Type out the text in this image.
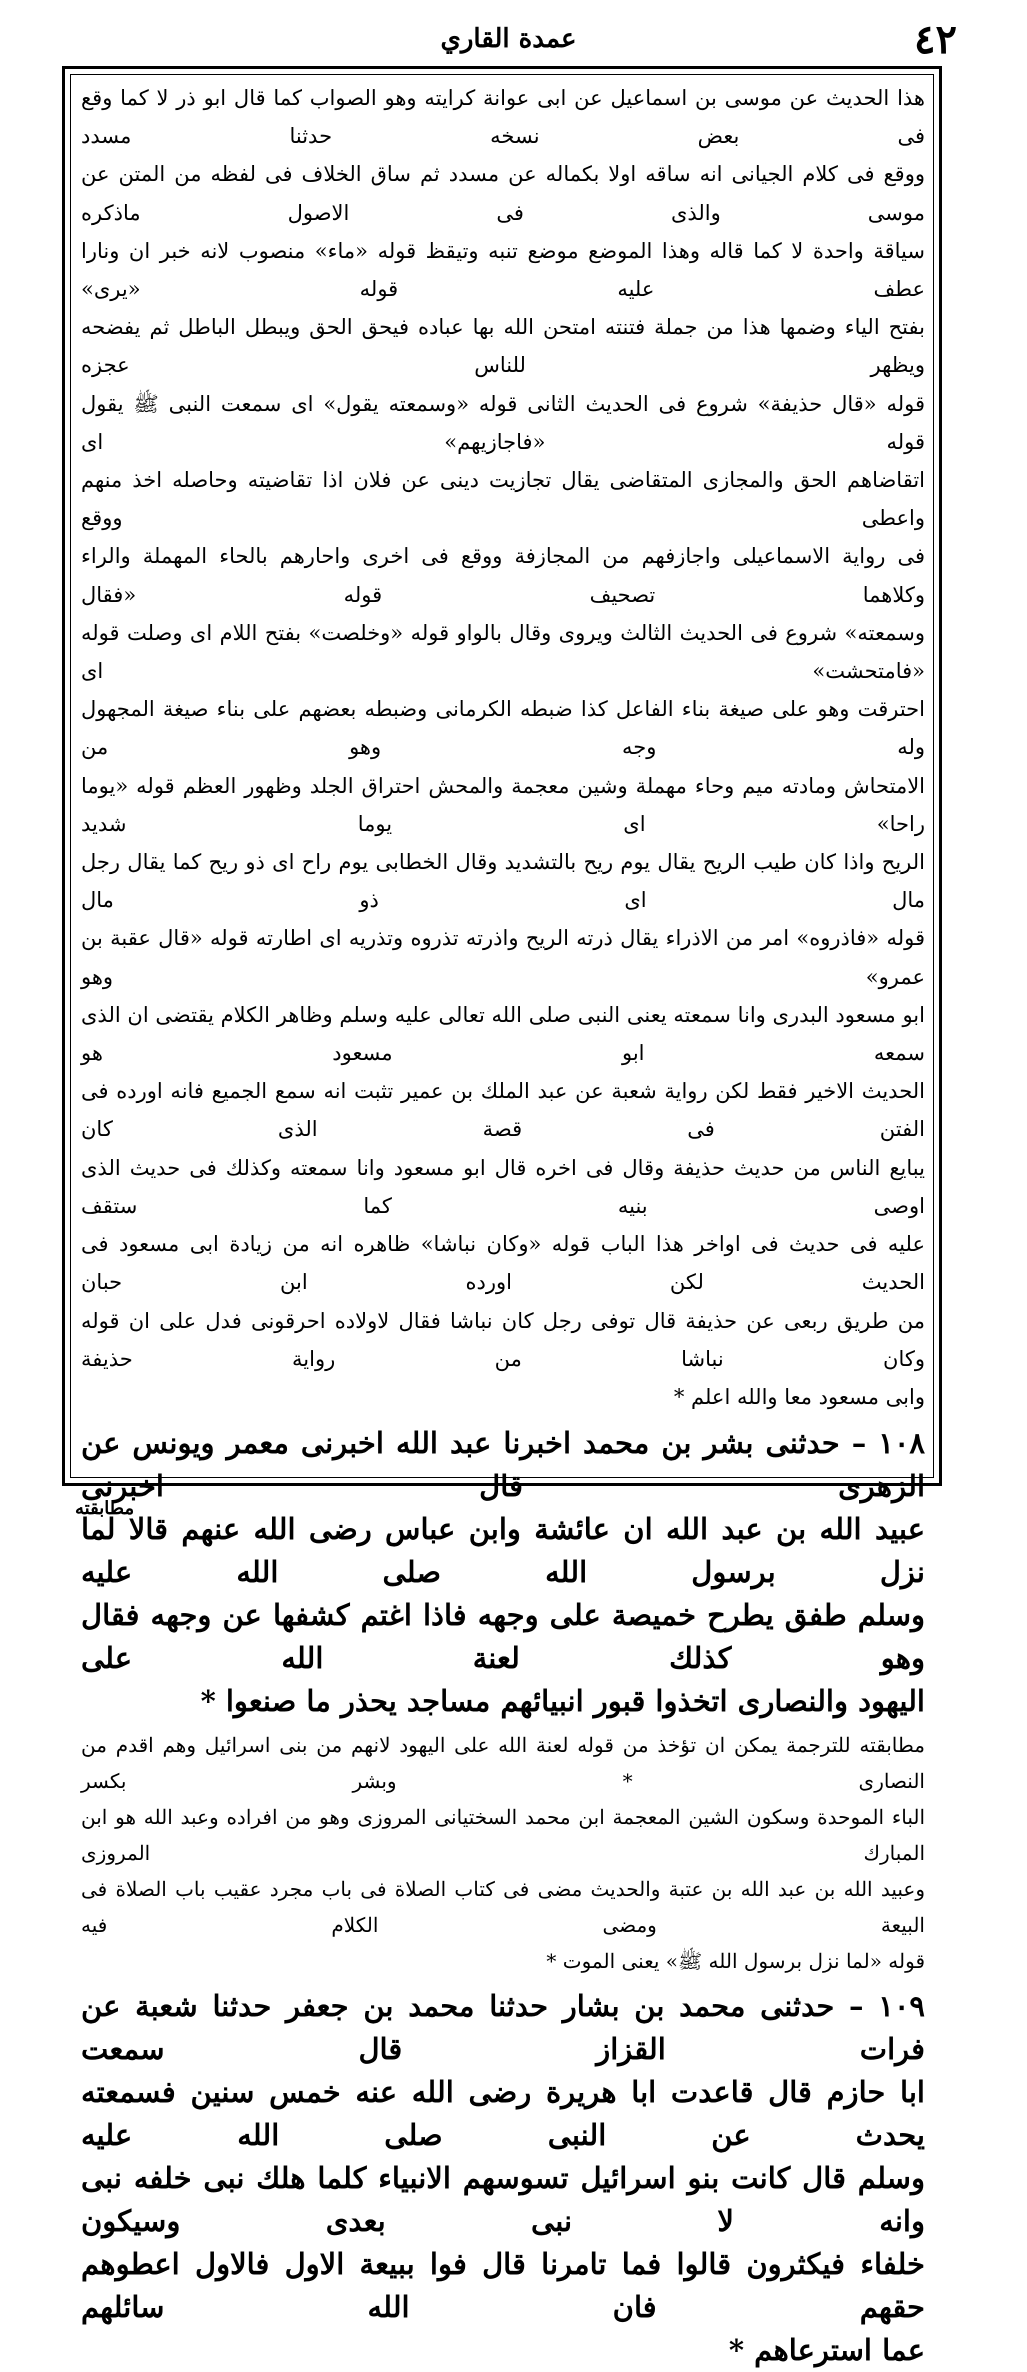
عمدة القاري	٤٢

هذا الحديث عن موسى بن اسماعيل عن ابى عوانة كرايته وهو الصواب كما قال ابو ذر لا كما وقع فى بعض نسخه حدثنا مسدد

ووقع فى كلام الجيانى انه ساقه اولا بكماله عن مسدد ثم ساق الخلاف فى لفظه من المتن عن موسى والذى فى الاصول ماذكره

سياقة واحدة لا كما قاله وهذا الموضع موضع تنبه وتيقظ قوله «ماء» منصوب لانه خبر ان ونارا عطف عليه قوله «يرى»

بفتح الياء وضمها هذا من جملة فتنته امتحن الله بها عباده فيحق الحق ويبطل الباطل ثم يفضحه ويظهر للناس عجزه

قوله «قال حذيفة» شروع فى الحديث الثانى قوله «وسمعته يقول» اى سمعت النبى ﷺ يقول قوله «فاجازيهم» اى

اتقاضاهم الحق والمجازى المتقاضى يقال تجازيت دينى عن فلان اذا تقاضيته وحاصله اخذ منهم واعطى ووقع

فى رواية الاسماعيلى واجازفهم من المجازفة ووقع فى اخرى واحارهم بالحاء المهملة والراء وكلاهما تصحيف قوله «فقال

وسمعته» شروع فى الحديث الثالث ويروى وقال بالواو قوله «وخلصت» بفتح اللام اى وصلت قوله «فامتحشت» اى

احترقت وهو على صيغة بناء الفاعل كذا ضبطه الكرمانى وضبطه بعضهم على بناء صيغة المجهول وله وجه وهو من

الامتحاش ومادته ميم وحاء مهملة وشين معجمة والمحش احتراق الجلد وظهور العظم قوله «يوما راحا» اى يوما شديد

الريح واذا كان طيب الريح يقال يوم ريح بالتشديد وقال الخطابى يوم راح اى ذو ريح كما يقال رجل مال اى ذو مال

قوله «فاذروه» امر من الاذراء يقال ذرته الريح واذرته تذروه وتذريه اى اطارته قوله «قال عقبة بن عمرو» وهو

ابو مسعود البدرى وانا سمعته يعنى النبى صلى الله تعالى عليه وسلم وظاهر الكلام يقتضى ان الذى سمعه ابو مسعود هو

الحديث الاخير فقط لكن رواية شعبة عن عبد الملك بن عمير تثبت انه سمع الجميع فانه اورده فى الفتن فى قصة الذى كان

يبايع الناس من حديث حذيفة وقال فى اخره قال ابو مسعود وانا سمعته وكذلك فى حديث الذى اوصى بنيه كما ستقف

عليه فى حديث فى اواخر هذا الباب قوله «وكان نباشا» ظاهره انه من زيادة ابى مسعود فى الحديث لكن اورده ابن حبان

من طريق ربعى عن حذيفة قال توفى رجل كان نباشا فقال لاولاده احرقونى فدل على ان قوله وكان نباشا من رواية حذيفة

وابى مسعود معا والله اعلم *

١٠٨ – حدثنى بشر بن محمد اخبرنا عبد الله اخبرنى معمر ويونس عن الزهرى قال اخبرنى

عبيد الله بن عبد الله ان عائشة وابن عباس رضى الله عنهم قالا لما نزل برسول الله صلى الله عليه

وسلم طفق يطرح خميصة على وجهه فاذا اغتم كشفها عن وجهه فقال وهو كذلك لعنة الله على

اليهود والنصارى اتخذوا قبور انبيائهم مساجد يحذر ما صنعوا *

مطابقته للترجمة يمكن ان تؤخذ من قوله لعنة الله على اليهود لانهم من بنى اسرائيل وهم اقدم من النصارى * وبشر بكسر

الباء الموحدة وسكون الشين المعجمة ابن محمد السختيانى المروزى وهو من افراده وعبد الله هو ابن المبارك المروزى

وعبيد الله بن عبد الله بن عتبة والحديث مضى فى كتاب الصلاة فى باب مجرد عقيب باب الصلاة فى البيعة ومضى الكلام فيه

قوله «لما نزل برسول الله ﷺ» يعنى الموت *

١٠٩ – حدثنى محمد بن بشار حدثنا محمد بن جعفر حدثنا شعبة عن فرات القزاز قال سمعت

ابا حازم قال قاعدت ابا هريرة رضى الله عنه خمس سنين فسمعته يحدث عن النبى صلى الله عليه

وسلم قال كانت بنو اسرائيل تسوسهم الانبياء كلما هلك نبى خلفه نبى وانه لا نبى بعدى وسيكون

خلفاء فيكثرون قالوا فما تامرنا قال فوا ببيعة الاول فالاول اعطوهم حقهم فان الله سائلهم

عما استرعاهم *

مطابقته
